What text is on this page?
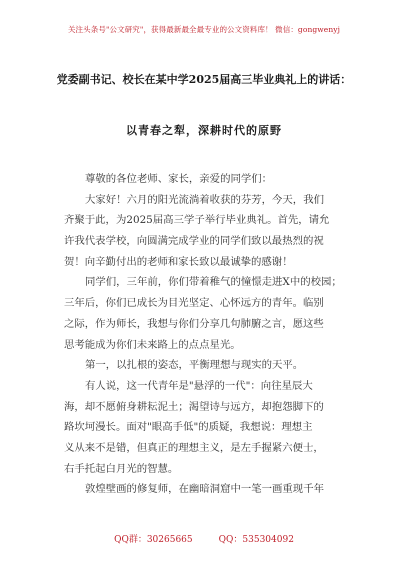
关注头条号"公文研究"，获得最新最全最专业的公文资料库！ 微信：gongwenyj
党委副书记、校长在某中学2025届高三毕业典礼上的讲话：
以青春之犁，深耕时代的原野
尊敬的各位老师、家长，亲爱的同学们：
大家好！六月的阳光流淌着收获的芬芳，今天，我们
齐聚于此，为2025届高三学子举行毕业典礼。首先，请允
许我代表学校，向圆满完成学业的同学们致以最热烈的祝
贺！向辛勤付出的老师和家长致以最诚挚的感谢！
同学们，三年前，你们带着稚气的憧憬走进X中的校园；
三年后，你们已成长为目光坚定、心怀远方的青年。临别
之际，作为师长，我想与你们分享几句肺腑之言，愿这些
思考能成为你们未来路上的点点星光。
第一，以扎根的姿态，平衡理想与现实的天平。
有人说，这一代青年是"悬浮的一代"：向往星辰大
海，却不愿俯身耕耘泥土；渴望诗与远方，却抱怨脚下的
路坎坷漫长。面对"眼高手低"的质疑，我想说：理想主
义从来不是错，但真正的理想主义，是左手握紧六便士，
右手托起白月光的智慧。
敦煌壁画的修复师，在幽暗洞窟中一笔一画重现千年
QQ群：30265665	QQ：535304092
